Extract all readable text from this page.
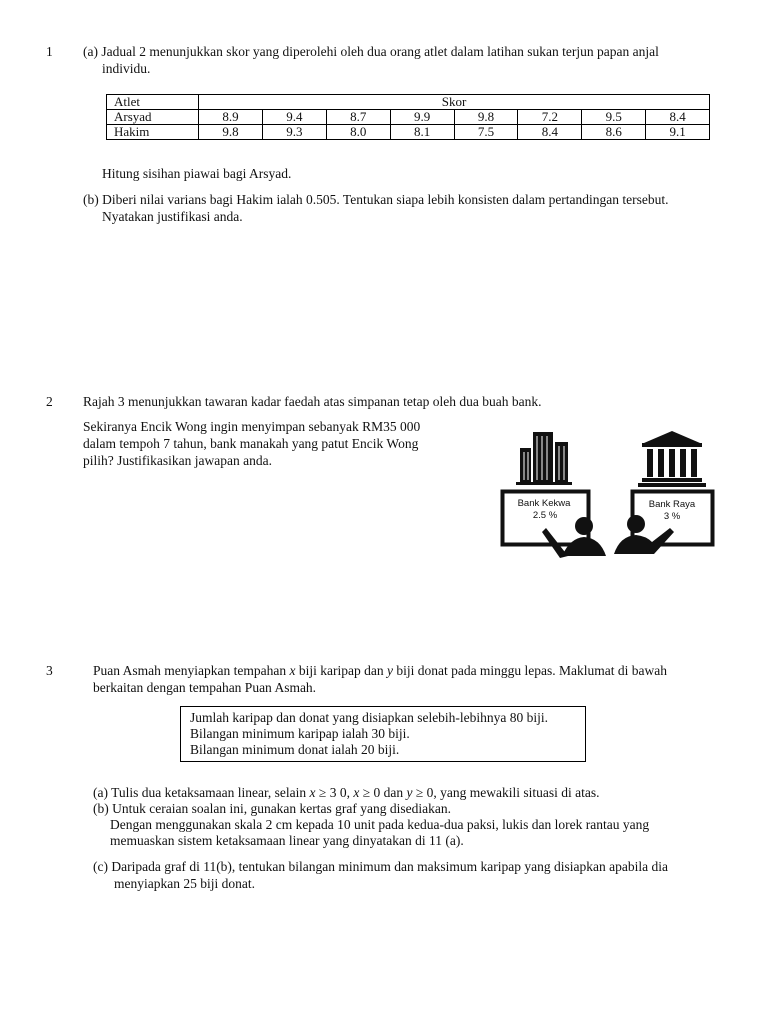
1 (a) Jadual 2 menunjukkan skor yang diperolehi oleh dua orang atlet dalam latihan sukan terjun papan anjal
individu.
Atlet	Skor							
Arsyad	8.9	9.4	8.7	9.9	9.8	7.2	9.5	8.4
Hakim	9.8	9.3	8.0	8.1	7.5	8.4	8.6	9.1
Hitung sisihan piawai bagi Arsyad.
(b) Diberi nilai varians bagi Hakim ialah 0.505. Tentukan siapa lebih konsisten dalam pertandingan tersebut.
Nyatakan justifikasi anda.
2 Rajah 3 menunjukkan tawaran kadar faedah atas simpanan tetap oleh dua buah bank.
Sekiranya Encik Wong ingin menyimpan sebanyak RM35 000
dalam tempoh 7 tahun, bank manakah yang patut Encik Wong
pilih? Justifikasikan jawapan anda.
Bank Kekwa
2.5 %
Bank Raya
3 %
3	Puan Asmah menyiapkan tempahan x biji karipap dan y biji donat pada minggu lepas. Maklumat di bawah
berkaitan dengan tempahan Puan Asmah.
Jumlah karipap dan donat yang disiapkan selebih-lebihnya 80 biji.
Bilangan minimum karipap ialah 30 biji.
Bilangan minimum donat ialah 20 biji.
(a) Tulis dua ketaksamaan linear, selain x ≥ 3 0, x ≥ 0 dan y ≥ 0, yang mewakili situasi di atas.
(b) Untuk ceraian soalan ini, gunakan kertas graf yang disediakan.
Dengan menggunakan skala 2 cm kepada 10 unit pada kedua-dua paksi, lukis dan lorek rantau yang
memuaskan sistem ketaksamaan linear yang dinyatakan di 11 (a).
(c) Daripada graf di 11(b), tentukan bilangan minimum dan maksimum karipap yang disiapkan apabila dia
menyiapkan 25 biji donat.
